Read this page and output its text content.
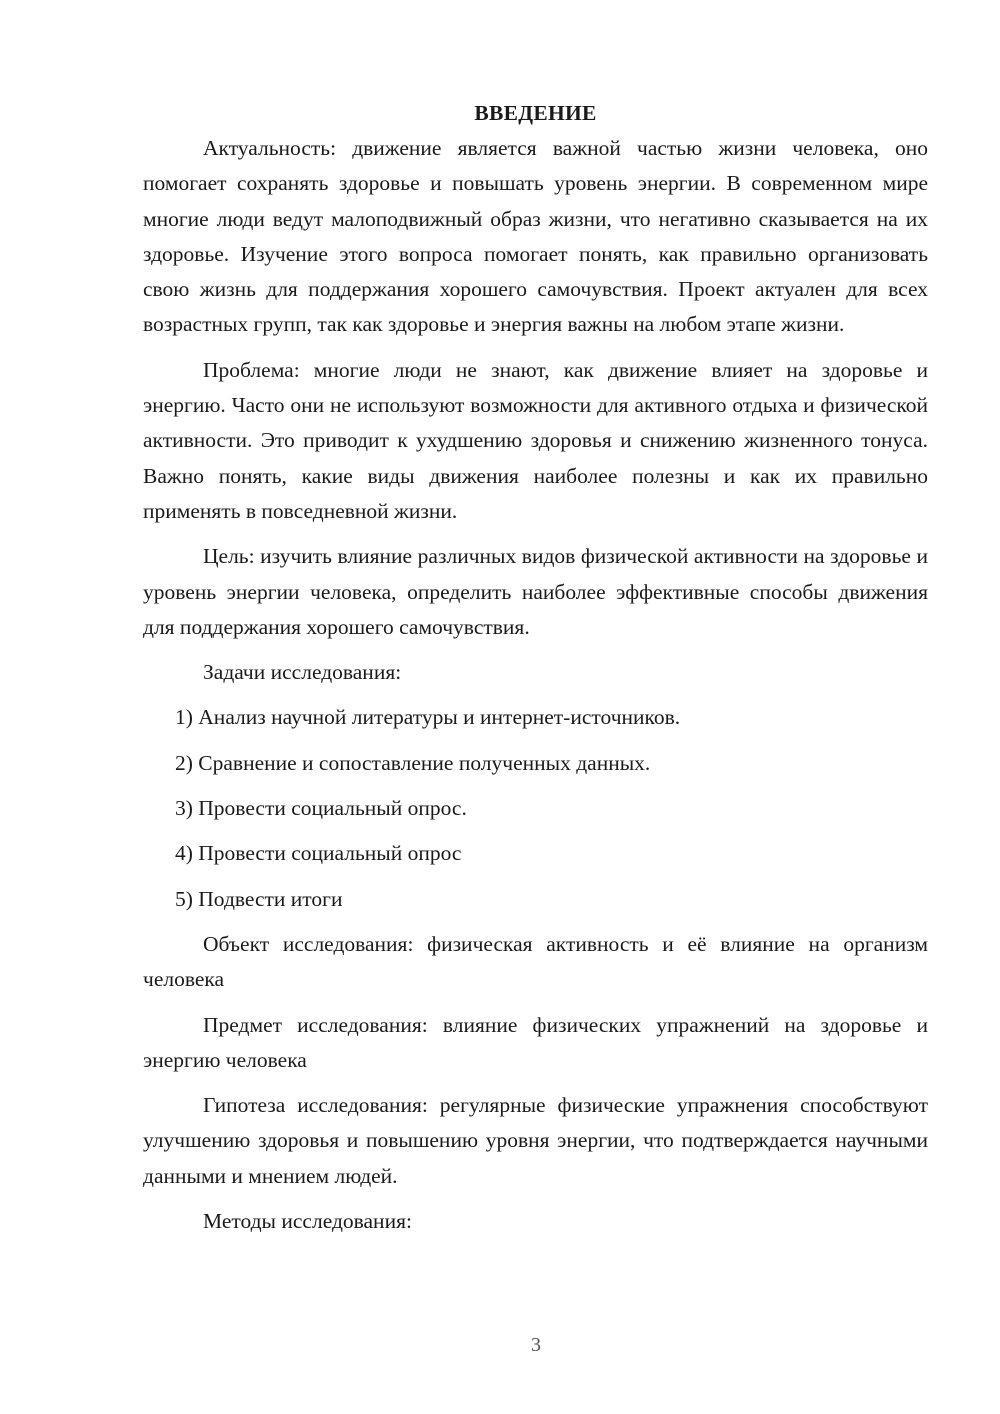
ВВЕДЕНИЕ

Актуальность: движение является важной частью жизни человека, оно помогает сохранять здоровье и повышать уровень энергии. В современном мире многие люди ведут малоподвижный образ жизни, что негативно сказывается на их здоровье. Изучение этого вопроса помогает понять, как правильно организовать свою жизнь для поддержания хорошего самочувствия. Проект актуален для всех возрастных групп, так как здоровье и энергия важны на любом этапе жизни.

Проблема: многие люди не знают, как движение влияет на здоровье и энергию. Часто они не используют возможности для активного отдыха и физической активности. Это приводит к ухудшению здоровья и снижению жизненного тонуса. Важно понять, какие виды движения наиболее полезны и как их правильно применять в повседневной жизни.

Цель: изучить влияние различных видов физической активности на здоровье и уровень энергии человека, определить наиболее эффективные способы движения для поддержания хорошего самочувствия.

Задачи исследования:

1) Анализ научной литературы и интернет-источников.

2) Сравнение и сопоставление полученных данных.

3) Провести социальный опрос.

4) Провести социальный опрос

5) Подвести итоги

Объект исследования: физическая активность и её влияние на организм человека

Предмет исследования: влияние физических упражнений на здоровье и энергию человека

Гипотеза исследования: регулярные физические упражнения способствуют улучшению здоровья и повышению уровня энергии, что подтверждается научными данными и мнением людей.

Методы исследования:

3
